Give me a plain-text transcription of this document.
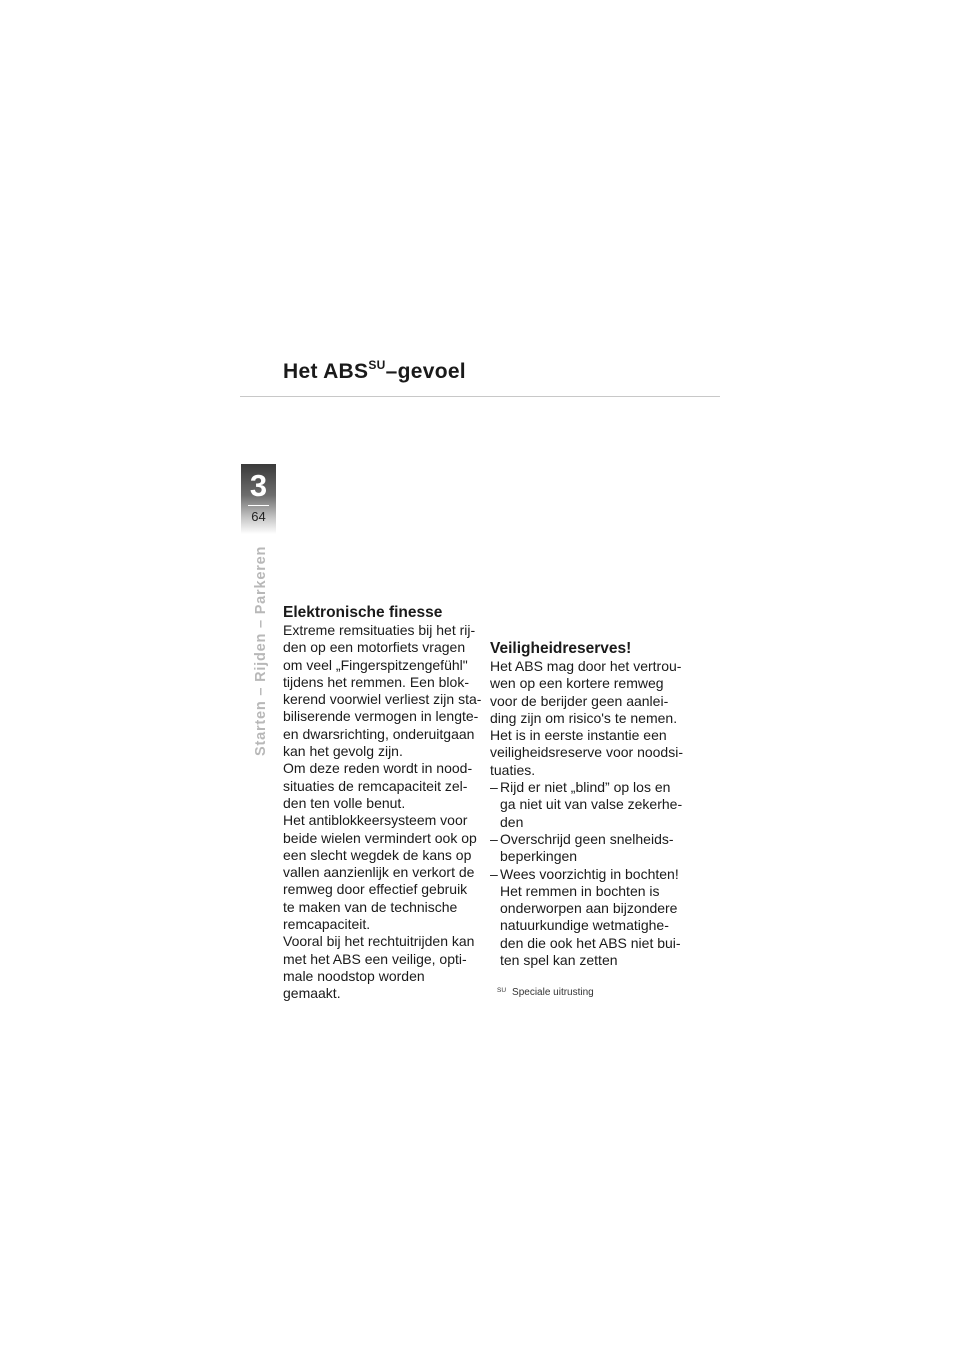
Het $ABS^{SU}$–gevoel
3
64
Starten – Rijden – Parkeren Elektronische finesse

Extreme remsituaties bij het rij-

den op een motorfiets vragen

om veel „Fingerspitzengefühl"

tijdens het remmen. Een blok-

kerend voorwiel verliest zijn sta-

biliserende vermogen in lengte-

en dwarsrichting, onderuitgaan

kan het gevolg zijn.

Om deze reden wordt in nood-

situaties de remcapaciteit zel-

den ten volle benut.

Het antiblokkeersysteem voor

beide wielen vermindert ook op

een slecht wegdek de kans op

vallen aanzienlijk en verkort de

remweg door effectief gebruik

te maken van de technische

remcapaciteit.

Vooral bij het rechtuitrijden kan

met het ABS een veilige, opti-

male noodstop worden

gemaakt.

Veiligheidreserves!

Het ABS mag door het vertrou-

wen op een kortere remweg

voor de berijder geen aanlei-

ding zijn om risico's te nemen.

Het is in eerste instantie een

veiligheidsreserve voor noodsi-

tuaties.

– Rijd er niet „blind” op los en
ga niet uit van valse zekerhe-
den
– Overschrijd geen snelheids-
beperkingen
– Wees voorzichtig in bochten!
Het remmen in bochten is
onderworpen aan bijzondere
natuurkundige wetmatighe-
den die ook het ABS niet bui-
ten spel kan zetten
$^{SU}$ Speciale uitrusting
